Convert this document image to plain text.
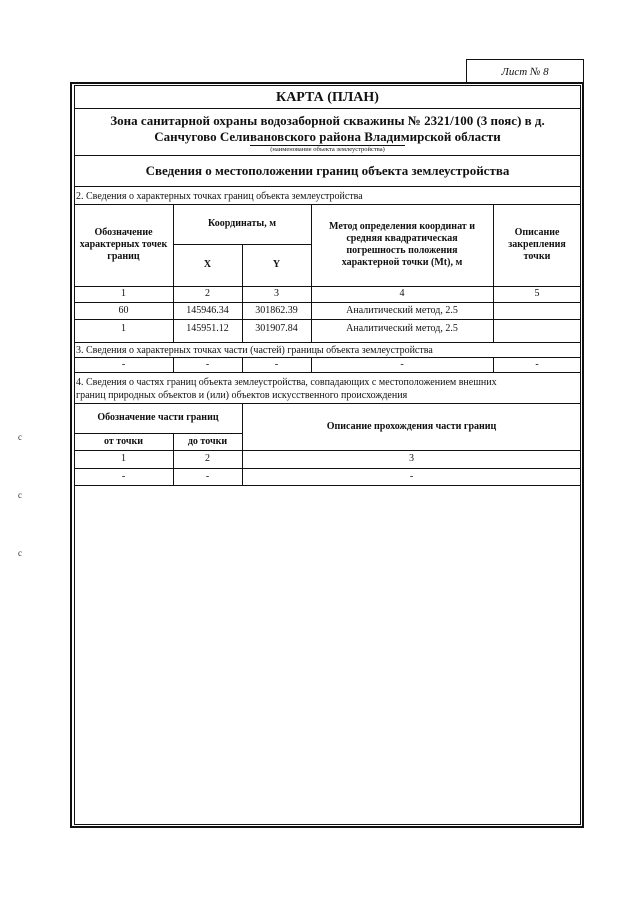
Лист № 8
КАРТА (ПЛАН)
Зона санитарной охраны водозаборной скважины № 2321/100 (3 пояс) в д.
Санчугово Селивановского района Владимирской области
(наименование объекта землеустройства)
Сведения о местоположении границ объекта землеустройства
2. Сведения о характерных точках границ объекта землеустройства
Обозначение характерных точек границ
Координаты, м
X	Y
Метод определения координат и средняя квадратическая погрешность положения характерной точки (Mt), м
Описание закрепления точки
1	2	3	4	5
60	145946.34	301862.39	Аналитический метод, 2.5
1	145951.12	301907.84	Аналитический метод, 2.5
3. Сведения о характерных точках части (частей) границы объекта землеустройства
-	-	-	-	-
4. Сведения о частях границ объекта землеустройства, совпадающих с местоположением внешних
границ природных объектов и (или) объектов искусственного происхождения
Обозначение части границ
от точки	до точки
Описание прохождения части границ
1	2	3
-	-	-
с
с
с
